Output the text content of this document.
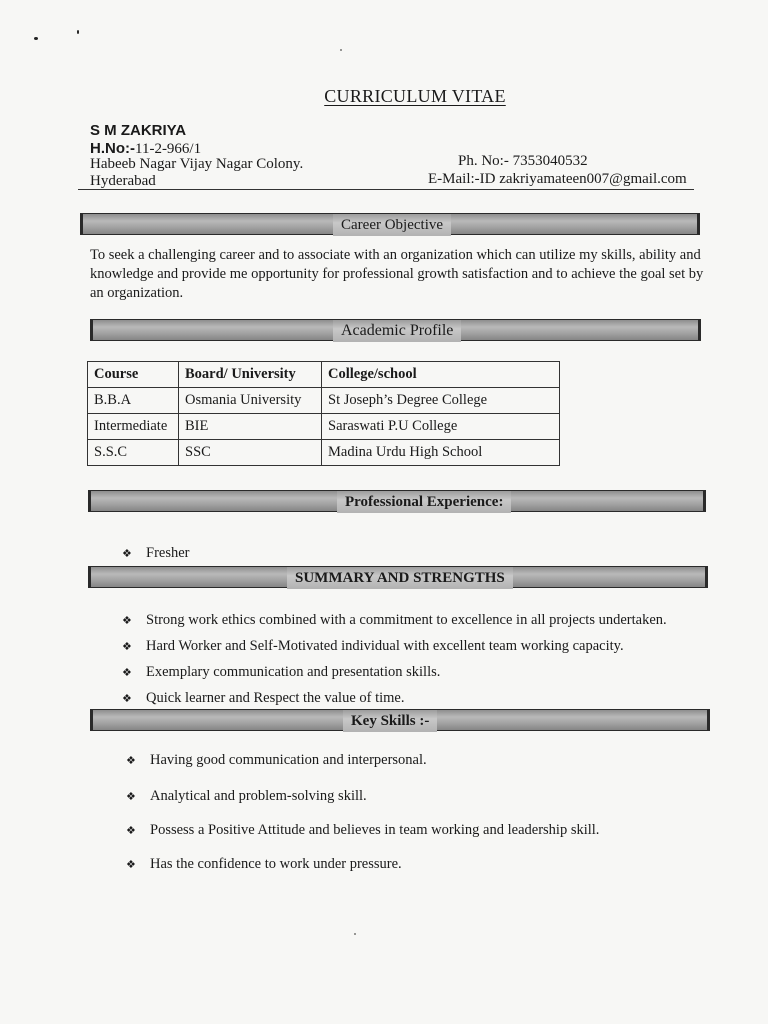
CURRICULUM VITAE
S M ZAKRIYA
H.No:-11-2-966/1
Habeeb Nagar Vijay Nagar Colony.
Hyderabad
Ph. No:- 7353040532
E-Mail:-ID zakriyamateen007@gmail.com
Career Objective
To seek a challenging career and to associate with an organization which can utilize my skills, ability and knowledge and provide me opportunity for professional growth satisfaction and to achieve the goal set by an organization.
Academic Profile
Course	Board/ University	College/school
B.B.A	Osmania University	St Joseph’s Degree College
Intermediate	BIE	Saraswati P.U College
S.S.C	SSC	Madina Urdu High School
Professional Experience:
❖ Fresher
SUMMARY AND STRENGTHS
❖ Strong work ethics combined with a commitment to excellence in all projects undertaken.
❖ Hard Worker and Self-Motivated individual with excellent team working capacity.
❖ Exemplary communication and presentation skills.
❖ Quick learner and Respect the value of time.
Key Skills :-
❖ Having good communication and interpersonal.
❖ Analytical and problem-solving skill.
❖ Possess a Positive Attitude and believes in team working and leadership skill.
❖ Has the confidence to work under pressure.
